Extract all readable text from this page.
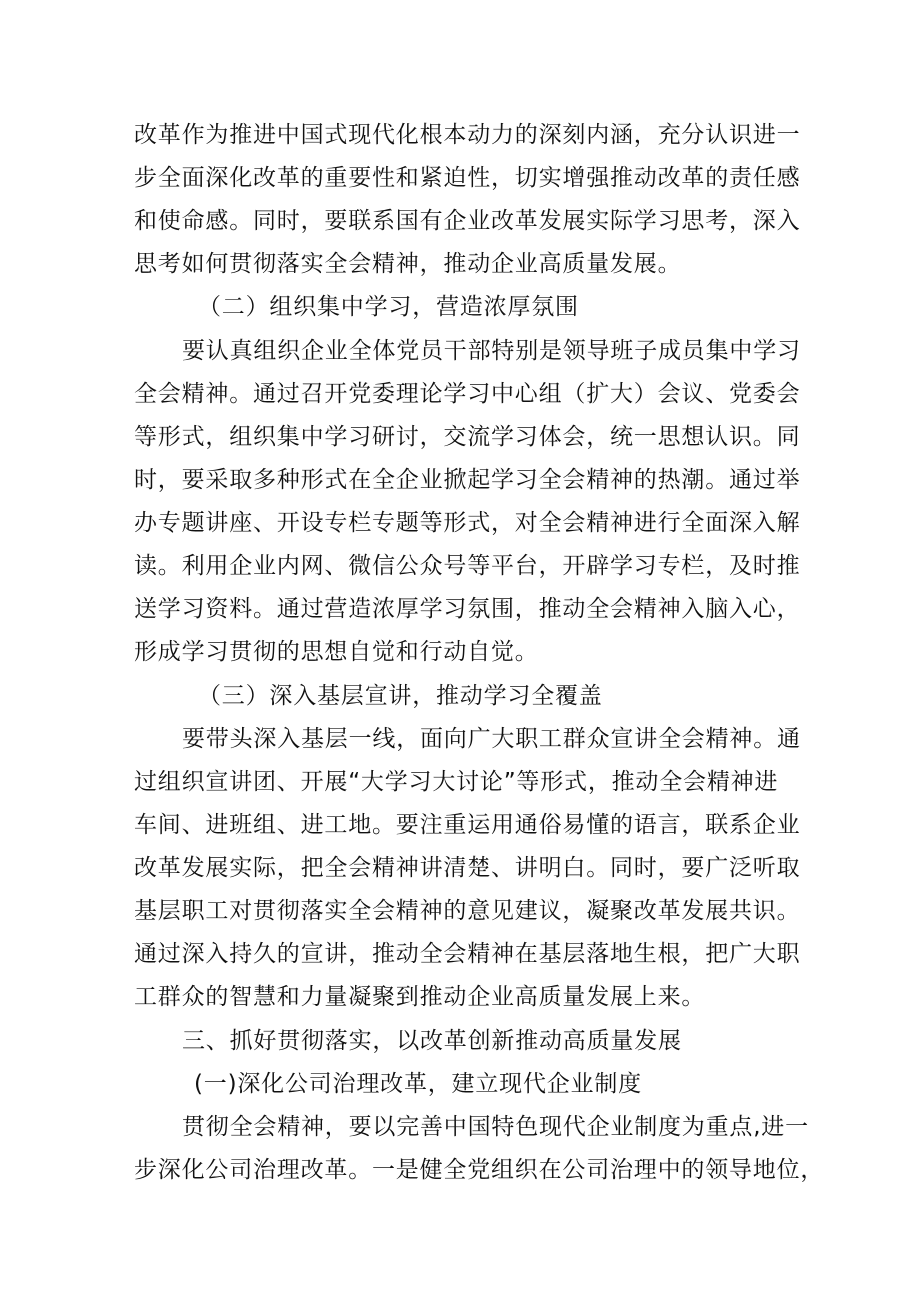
改革作为推进中国式现代化根本动力的深刻内涵，充分认识进一
步全面深化改革的重要性和紧迫性，切实增强推动改革的责任感
和使命感。同时，要联系国有企业改革发展实际学习思考，深入
思考如何贯彻落实全会精神，推动企业高质量发展。
（二）组织集中学习，营造浓厚氛围
要认真组织企业全体党员干部特别是领导班子成员集中学习
全会精神。通过召开党委理论学习中心组（扩大）会议、党委会
等形式，组织集中学习研讨，交流学习体会，统一思想认识。同
时，要采取多种形式在全企业掀起学习全会精神的热潮。通过举
办专题讲座、开设专栏专题等形式，对全会精神进行全面深入解
读。利用企业内网、微信公众号等平台，开辟学习专栏，及时推
送学习资料。通过营造浓厚学习氛围，推动全会精神入脑入心，
形成学习贯彻的思想自觉和行动自觉。
（三）深入基层宣讲，推动学习全覆盖
要带头深入基层一线，面向广大职工群众宣讲全会精神。通
过组织宣讲团、开展“大学习大讨论”等形式，推动全会精神进
车间、进班组、进工地。要注重运用通俗易懂的语言，联系企业
改革发展实际，把全会精神讲清楚、讲明白。同时，要广泛听取
基层职工对贯彻落实全会精神的意见建议，凝聚改革发展共识。
通过深入持久的宣讲，推动全会精神在基层落地生根，把广大职
工群众的智慧和力量凝聚到推动企业高质量发展上来。
三、抓好贯彻落实，以改革创新推动高质量发展
(一)深化公司治理改革，建立现代企业制度
贯彻全会精神，要以完善中国特色现代企业制度为重点,进一
步深化公司治理改革。一是健全党组织在公司治理中的领导地位，
